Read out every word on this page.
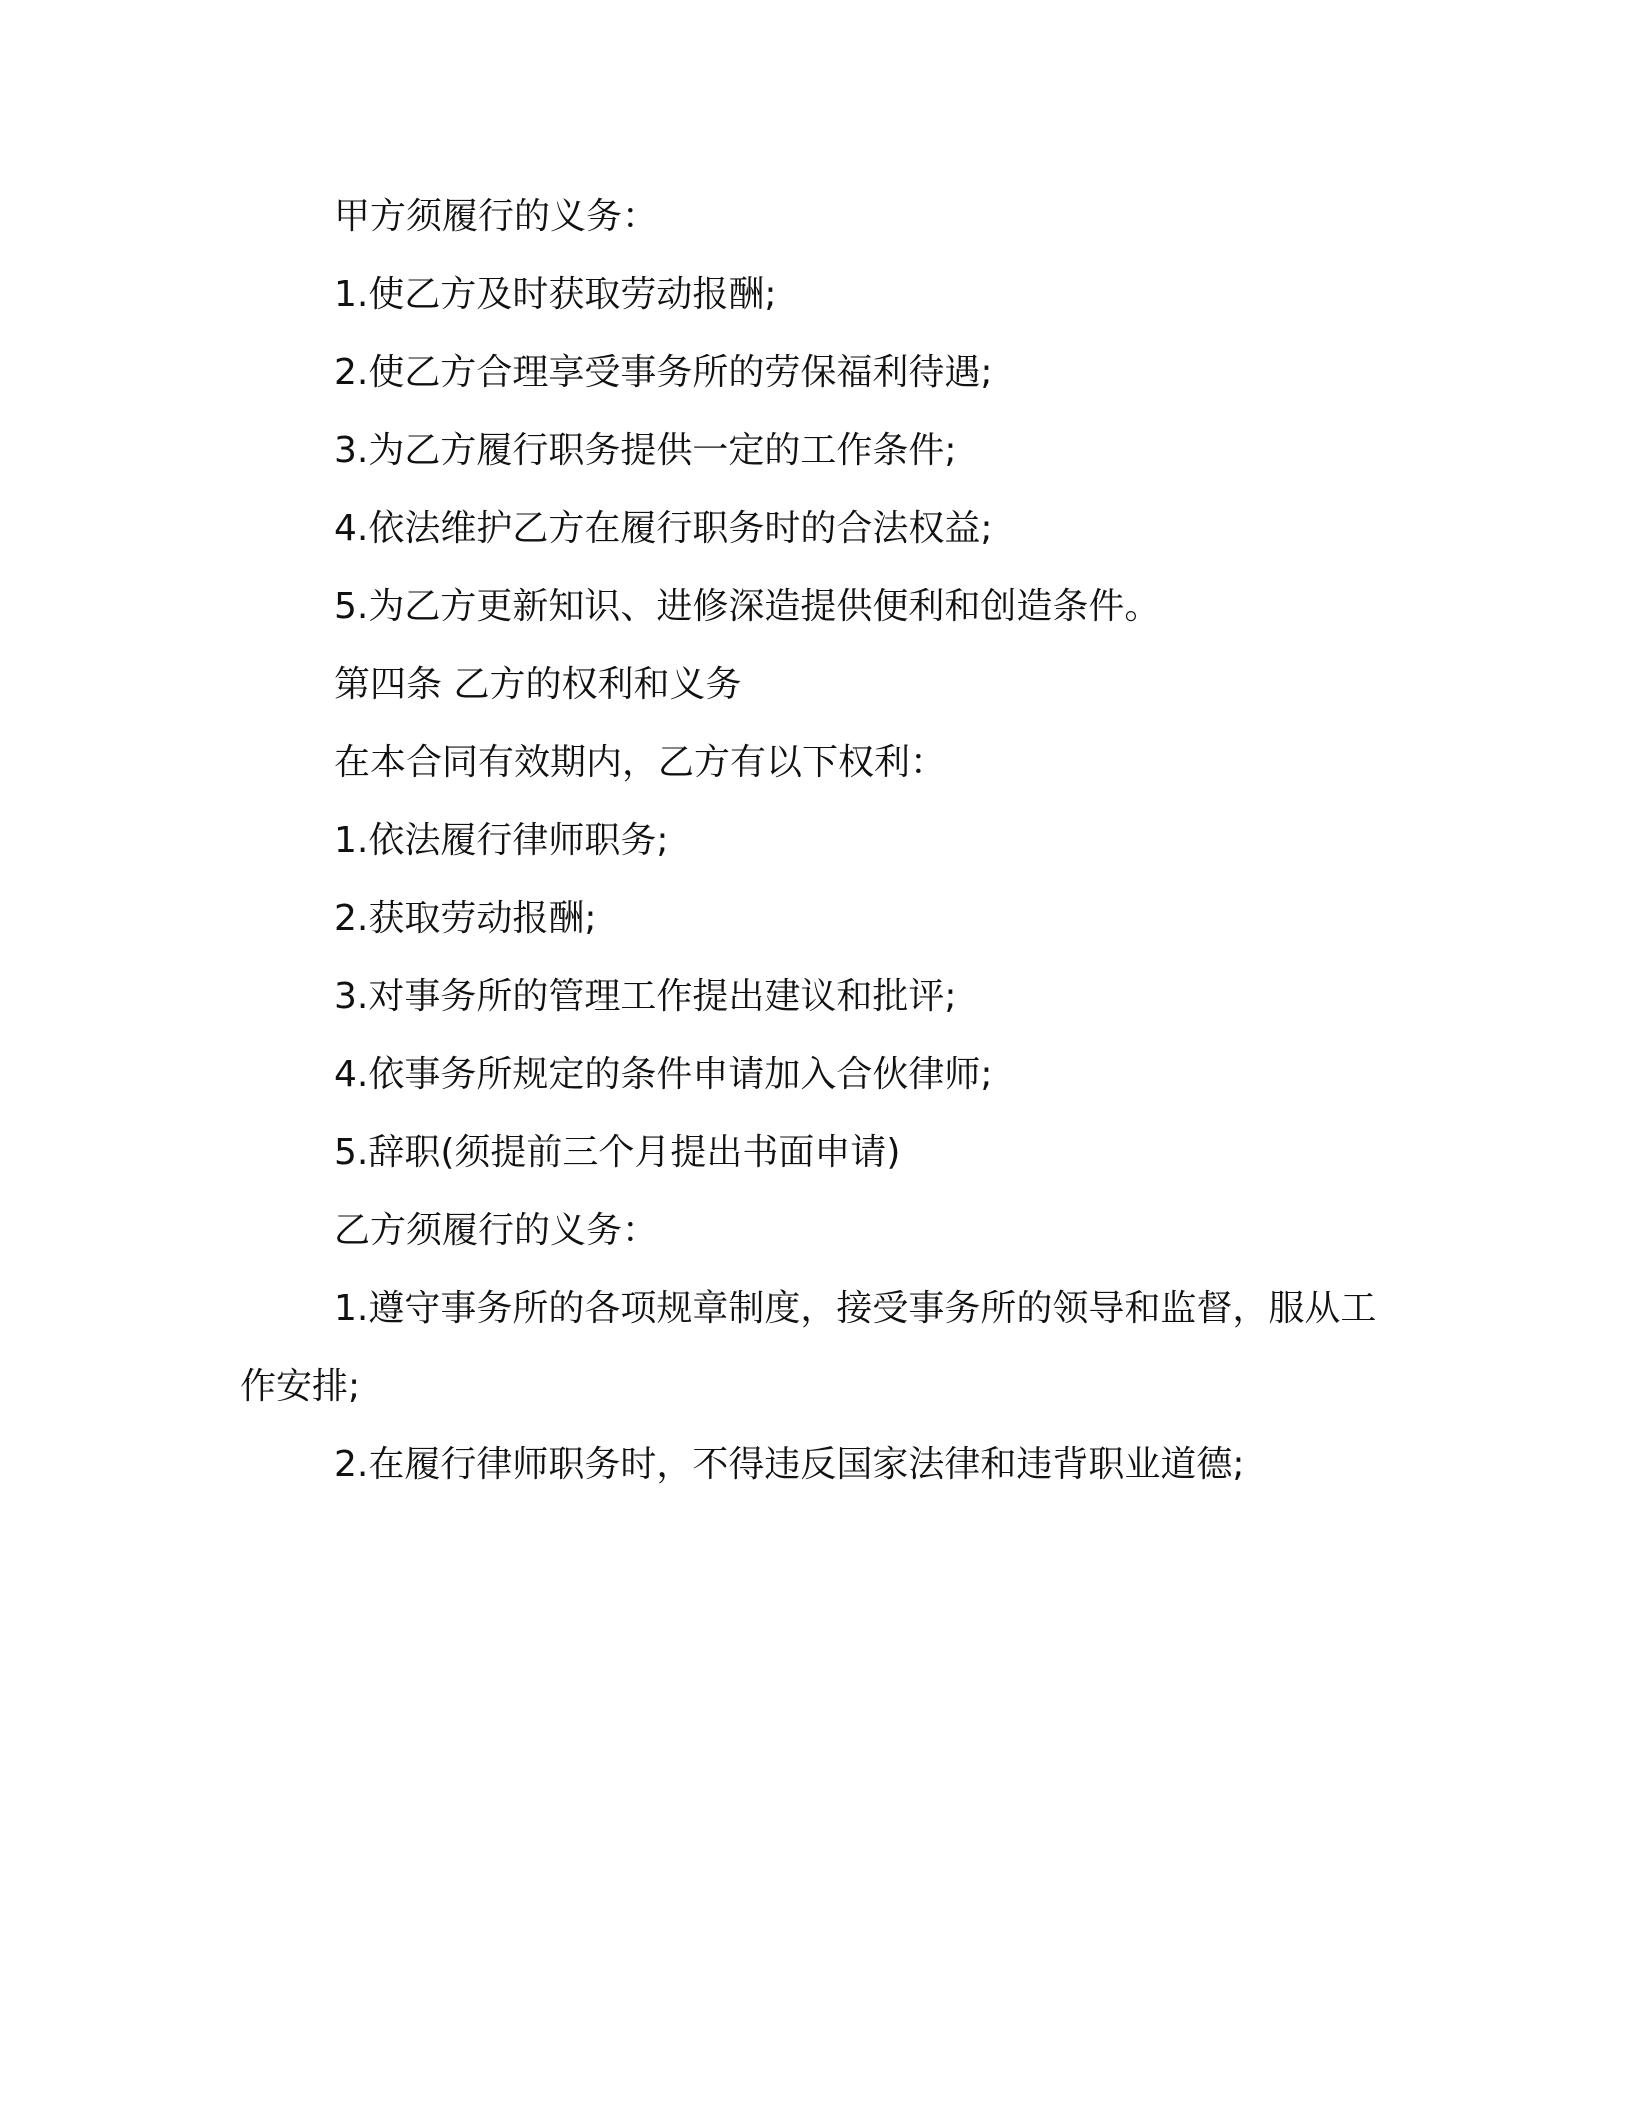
甲方须履行的义务：

1.使乙方及时获取劳动报酬;

2.使乙方合理享受事务所的劳保福利待遇;

3.为乙方履行职务提供一定的工作条件;

4.依法维护乙方在履行职务时的合法权益;

5.为乙方更新知识、进修深造提供便利和创造条件。

第四条 乙方的权利和义务

在本合同有效期内，乙方有以下权利：

1.依法履行律师职务;

2.获取劳动报酬;

3.对事务所的管理工作提出建议和批评;

4.依事务所规定的条件申请加入合伙律师;

5.辞职(须提前三个月提出书面申请)

乙方须履行的义务：

1.遵守事务所的各项规章制度，接受事务所的领导和监督，服从工作安排;

2.在履行律师职务时，不得违反国家法律和违背职业道德;
